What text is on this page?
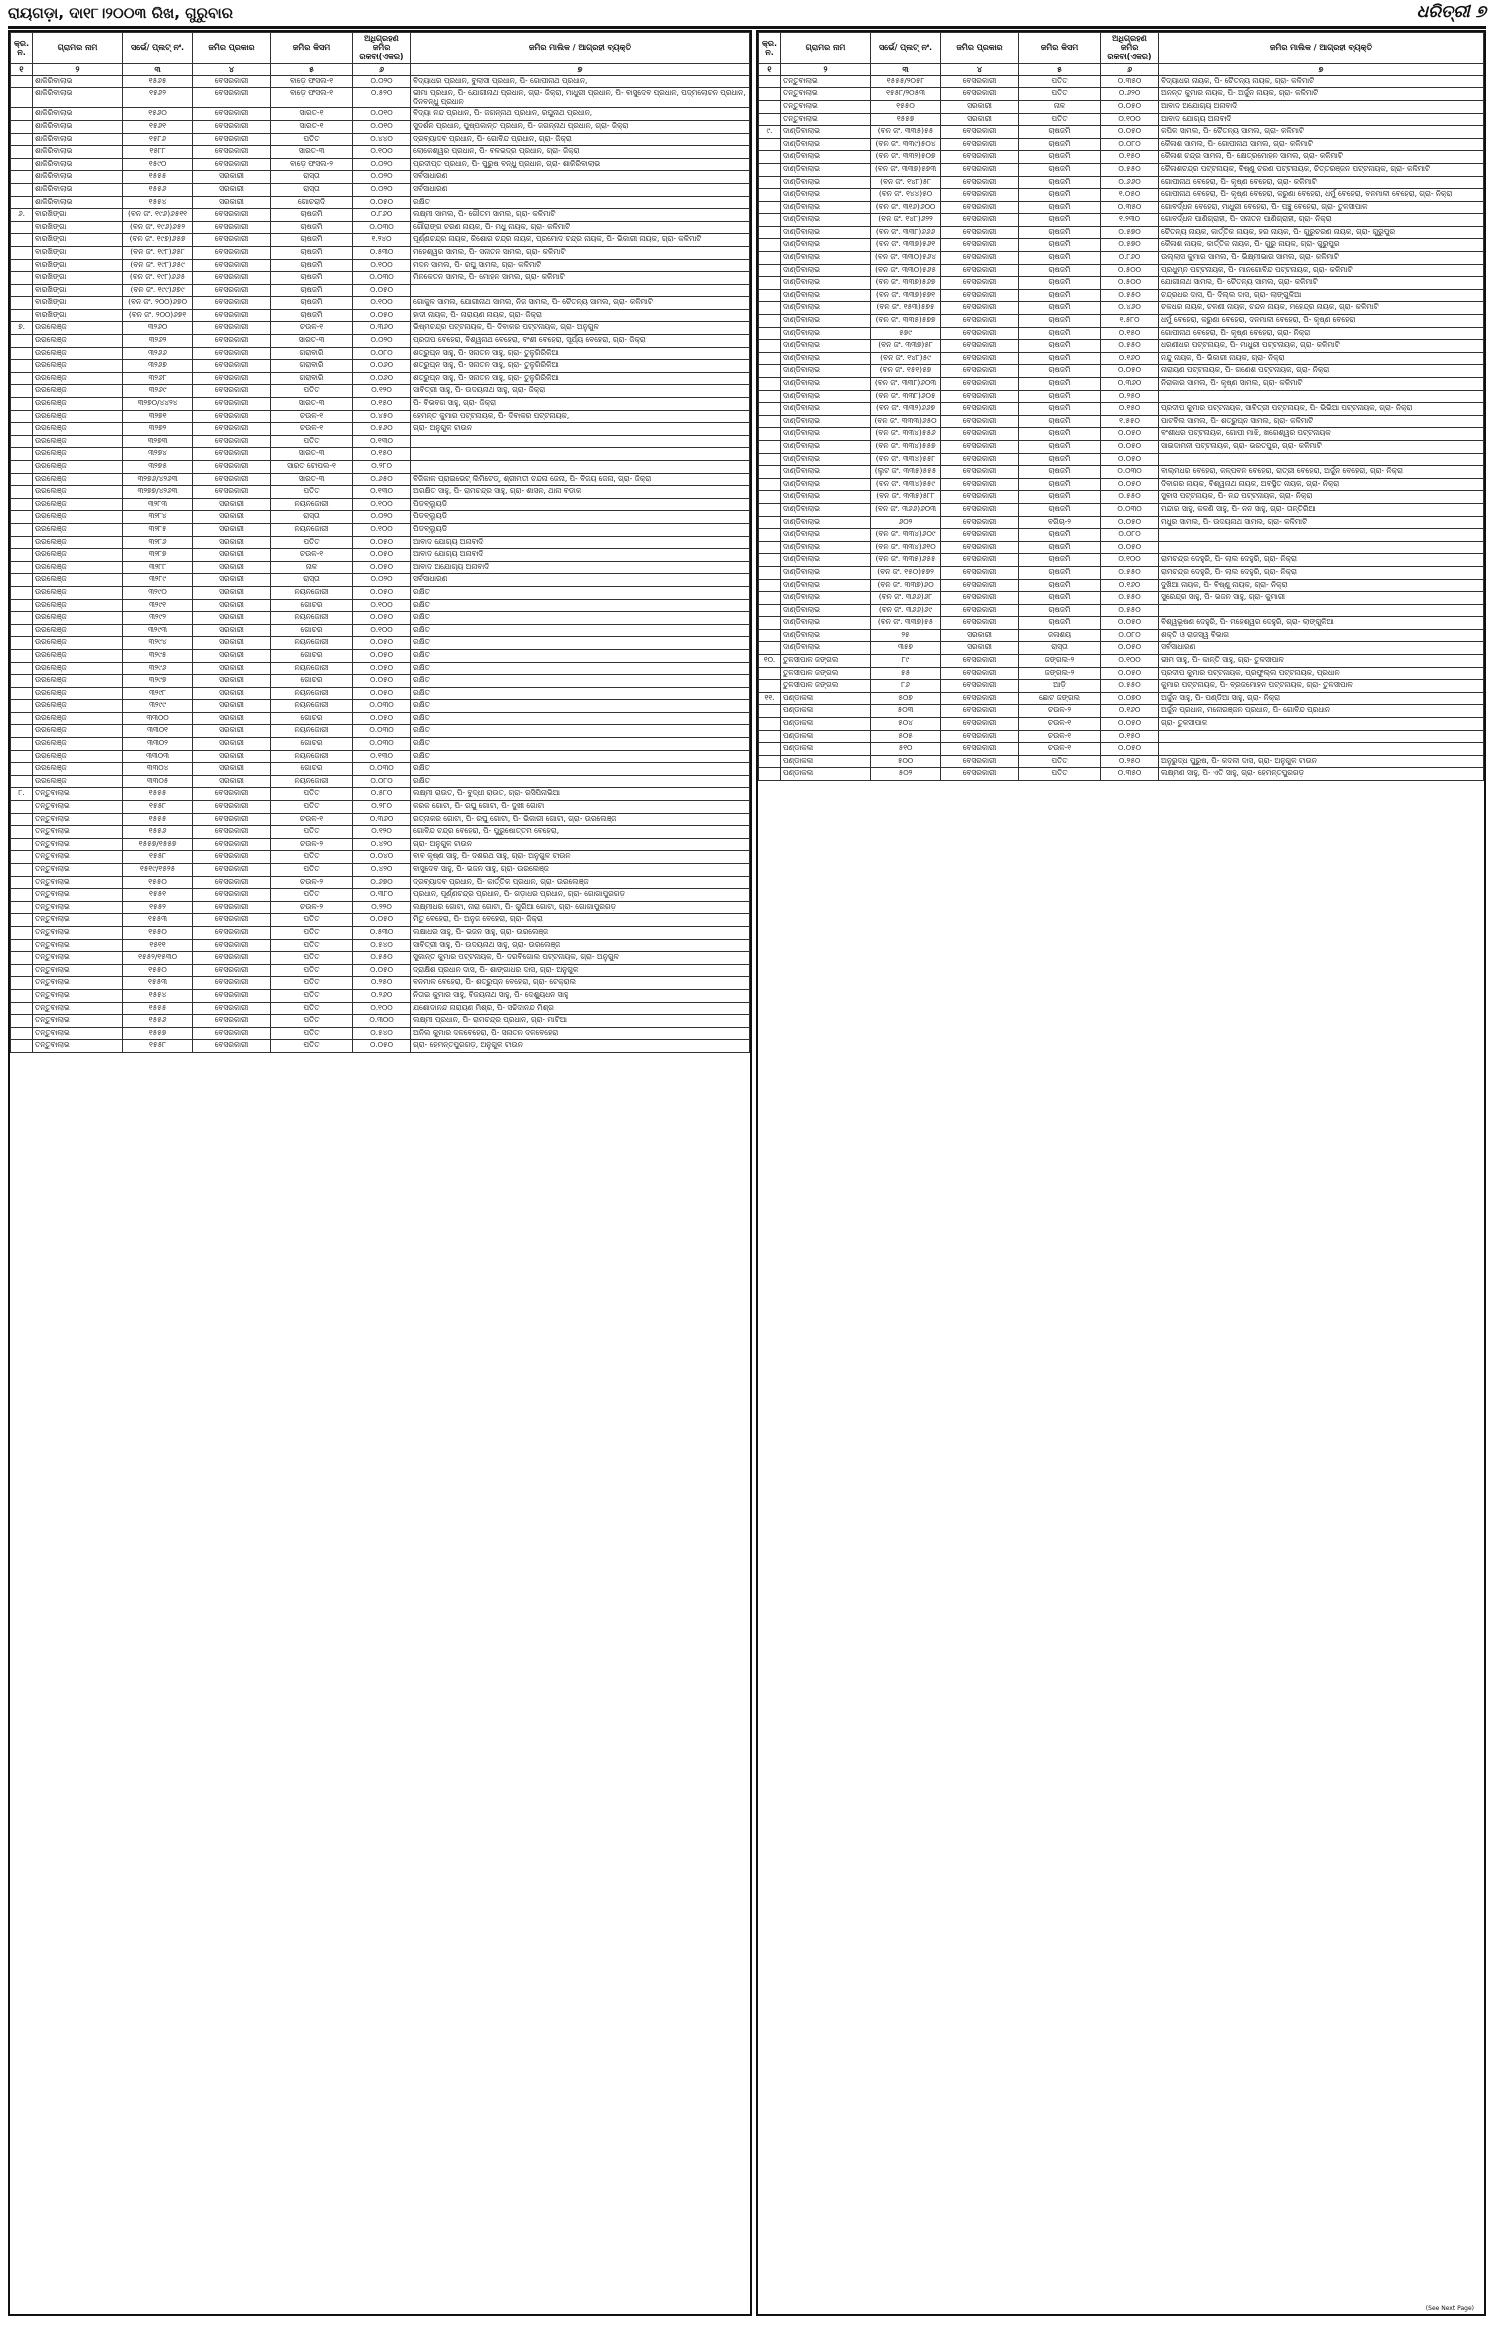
ରାୟଗଡ଼ା, ଦା୧୮।୨୦୦୩ ରିଖ, ଗୁରୁବାର	ଧରିତ୍ରୀ ୭
କ୍ର. ନ.	ଗ୍ରାମର ନାମ	ସର୍ଭେ/ ପ୍ଲଟ୍ ନଂ.	ଜମିର ପ୍ରକାର	ଜମିର କିସମ	ଅଧିଗ୍ରହଣ ଜମିର ରକବା(ଏକର)	ଜମିର ମାଲିକ / ଆଗ୍ରହୀ ବ୍ୟକ୍ତି
୧	୨	୩	୪	୫	୬	୭
	ଶାକିରିବାଲାଭ	୧୫୬୫	ବେସରକାରୀ	ବାଡ଼େ ଫସଲ-୧	୦.୦୨୦	ବିଦ୍ୟାଧର ପ୍ରଧାନ, ବୁଲାସୀ ପ୍ରଧାନ, ପି- ଗୋପୀନାଥ ପ୍ରଧାନ,
	ଶାକିରିବାଲାଭ	୧୫୬୨	ବେସରକାରୀ	ବାଡ଼େ ଫସଲ-୧	୦.୫୨୦	ଭୀମା ପ୍ରଧାନ, ପି- ଯୋଗୀନାଥ ପ୍ରଧାନ, ଗ୍ରା- ଜିକ୍ରା, ମାଧୁରୀ ପ୍ରଧାନ, ପି- ବାସୁଦେବ ପ୍ରଧାନ, ପଦ୍ମଲୋଚନ ପ୍ରଧାନ, ଦିନବନ୍ଧୁ ପ୍ରଧାନ
	ଶାକିରିବାଲାଭ	୧୫୬୦	ବେସରକାରୀ	ସାରତ-୧	୦.୦୧୦	ବିଦ୍ୟା ନନ୍ଦ ପ୍ରଧାନ, ପି- ଜଗନ୍ନାଥ ପ୍ରଧାନ, ରଘୁନାଥ ପ୍ରଧାନ,
	ଶାକିରିବାଲାଭ	୧୫୬୧	ବେସରକାରୀ	ସାରତ-୧	୦.୦୧୦	ସୁଦର୍ଶନ ପ୍ରଧାନ, ପୁଷ୍ପକାନ୍ତ ପ୍ରଧାନ, ପି- ଜଗନ୍ନାଥ ପ୍ରଧାନ, ଗ୍ରା- ଜିକ୍ରା
	ଶାକିରିବାଲାଭ	୧୫୮୬	ବେସରକାରୀ	ପତିତ	୦.୪୪୦	ଦ୍ରବ୍ୟାଦବ ପ୍ରଧାନ, ପି- ଗୋବିନ୍ଦ ପ୍ରଧାନ, ଗ୍ରା- ଜିକ୍ରା
	ଶାକିରିବାଲାଭ	୧୫୮୮	ବେସରକାରୀ	ସାରତ-୩	୦.୧୦୦	ଲୋକେଶ୍ୱର ପ୍ରଧାନ, ପି- ବଳଭଦ୍ର ପ୍ରଧାନ, ଗ୍ରା- ଜିକ୍ରା
	ଶାକିରିବାଲାଭ	୧୫୯୦	ବେସରକାରୀ	ବାଡ଼େ ଫସଲ-୨	୦.୦୨୦	ପ୍ରଦୀପ୍ତ ପ୍ରଧାନ, ପି- ପୁରୁଷ ବନ୍ଧୁ ପ୍ରଧାନ, ଗ୍ରା- ଶାକିରିବାଲାଭ
	ଶାକିରିବାଲାଭ	୧୫୫୫	ସରକାରୀ	ରାସ୍ତା	୦.୦୨୦	ସର୍ବସାଧାରଣ
	ଶାକିରିବାଲାଭ	୧୫୫୬	ସରକାରୀ	ରାସ୍ତା	୦.୦୨୦	ସର୍ବସାଧାରଣ
	ଶାକିରିବାଲାଭ	୧୫୫୪	ସରକାରୀ	ଗୋଚରାଦି	୦.୦୫୦	ରକ୍ଷିତ
୬.	ବାରଖିଙ୍ଗା	(ବନ ଜଂ. ୧୯୬)୬୫୧୧	ବେସରକାରୀ	ଚାଷଜମି	୦.୮୬୦	ଲକ୍ଷ୍ମୀ ସାମଲ, ପି- ଗୌତମ ସାମଲ, ଗ୍ରା- କଳିମାଟି
	ବାରଖିଙ୍ଗା	(ବନ ଜଂ. ୧୯୬)୬୫୨	ବେସରକାରୀ	ଚାଷଜମି	୦.୦୩୦	ଗୌରାଙ୍ଗ ଚରଣ ନାୟକ, ପି- ମଧୁ ନାୟକ, ଗ୍ରା- କଳିମାଟି
	ବାରଖିଙ୍ଗା	(ବନ ଜଂ. ୧୯୭)୬୫୭	ବେସରକାରୀ	ଚାଷଜମି	୧.୨୪୦	ପୂର୍ଣ୍ଣଚନ୍ଦ୍ର ନାୟକ, କିଶୋର ଚନ୍ଦ୍ର ନାୟକ, ପ୍ରମୋଦ ଚନ୍ଦ୍ର ନାୟକ, ପି- ଭିକାରୀ ନାୟକ, ଗ୍ରା- କଳିମାଟି
	ବାରଖିଙ୍ଗା	(ବନ ଜଂ. ୧୯୮)୬୫୮	ବେସରକାରୀ	ଚାଷଜମି	୦.୫୩୦	ମହେଶ୍ୱର ସାମଲ, ପି- ସନାତନ ସାମଲ, ଗ୍ରା- କଳିମାଟି
	ବାରଖିଙ୍ଗା	(ବନ ଜଂ. ୧୯୮)୬୫୯	ବେସରକାରୀ	ଚାଷଜମି	୦.୧୦୦	ମଦନ ସାମଲ, ପି- ରଘୁ ସାମଲ, ଗ୍ରା- କଳିମାଟି
	ବାରଖିଙ୍ଗା	(ବନ ଜଂ. ୧୯୮)୬୬୫	ବେସରକାରୀ	ଚାଷଜମି	୦.୦୩୦	ମିନକେତନ ସାମଲ, ପି- ମୋହନ ସାମଲ, ଗ୍ରା- କଳିମାଟି
	ବାରଖିଙ୍ଗା	(ବନ ଜଂ. ୧୯୯)୬୭୯	ବେସରକାରୀ	ଚାଷଜମି	୦.୦୫୦	
	ବାରଖିଙ୍ଗା	(ବନ ଜଂ. ୨୦୦)୬୭୦	ବେସରକାରୀ	ଚାଷଜମି	୦.୧୦୦	ଗୋକୁଳ ସାମଲ, ଯୋଗୀନାଥ ସାମଲ, ନିଜ ସାମଲ, ପି- ଚୈତନ୍ୟ ସାମଲ, ଗ୍ରା- କଳିମାଟି
	ବାରଖିଙ୍ଗା	(ବନ ଜଂ. ୨୦୦)୬୭୧	ବେସରକାରୀ	ଚାଷଜମି	୦.୦୫୦	ହାଦୀ ନାୟକ, ପି- ନାରାୟଣ ନାୟକ, ଗ୍ରା- ଜିକ୍ରା
୭.	ଉରଲେଞ୍ଜ	୩୨୬୦	ବେସରକାରୀ	ଚଉଳ-୧	୦.୩୬୦	ଭିଷ୍ମଚନ୍ଦ୍ର ପଟ୍ଟନାୟକ, ପି- ଦିବାକର ପଟ୍ଟନାୟକ, ଗ୍ରା- ଅନୁଗୁଳ
	ଉରଲେଞ୍ଜ	୩୨୬୨	ବେସରକାରୀ	ସାରତ-୩	୦.୦୨୦	ପ୍ରତାପ ବେହେରା, ବିଶ୍ୱନାଥ ବେହେରା, ବଂଶୀ ବେହେରା, ସୂର୍ଯ୍ୟ ବେହେରା, ଗ୍ରା- ଜିକ୍ରା
	ଉରଲେଞ୍ଜ	୩୨୬୬	ବେସରକାରୀ	ଗରାବାରି	୦.୦୮୦	ଶତ୍ରୁଘ୍ନ ସାହୁ, ପି- ସନାତନ ସାହୁ, ଗ୍ରା- ତୁଳୁଗିରିକିଆ
	ଉରଲେଞ୍ଜ	୩୨୬୭	ବେସରକାରୀ	ଗରାବାରି	୦.୦୬୦	ଶତ୍ରୁଘ୍ନ ସାହୁ, ପି- ସନାତନ ସାହୁ, ଗ୍ରା- ତୁଳୁଗିରିକିଆ
	ଉରଲେଞ୍ଜ	୩୨୬୮	ବେସରକାରୀ	ଗରାବାରି	୦.୦୬୦	ଶତ୍ରୁଘ୍ନ ସାହୁ, ପି- ସନାତନ ସାହୁ, ଗ୍ରା- ତୁଳୁଗିରିକିଆ
	ଉରଲେଞ୍ଜ	୩୨୬୯	ବେସରକାରୀ	ପତିତ	୦.୧୨୦	ସାବିତ୍ରୀ ସାହୁ, ପି- ଉଦୟନାଥ ସାହୁ, ଗ୍ରା- ଜିକ୍ରା
	ଉରଲେଞ୍ଜ	୩୨୭୦/୪୪୨୪	ବେସରକାରୀ	ସାରତ-୩	୦.୧୫୦	ପି- ବିଭବଗ ସାହୁ, ଗ୍ରା- ଜିକ୍ରା
	ଉରଲେଞ୍ଜ	୩୨୭୧	ବେସରକାରୀ	ଚଉଳ-୧	୦.୪୫୦	ହେମନ୍ତ କୁମାର ପଟ୍ଟନାୟକ, ପି- ଦିବାକର ପଟ୍ଟନାୟକ,
	ଉରଲେଞ୍ଜ	୩୨୭୨	ବେସରକାରୀ	ଚଉଳ-୧	୦.୫୬୦	ଗ୍ରା- ଅନୁଗୁଳ ଟାଉନ
	ଉରଲେଞ୍ଜ	୩୨୭୩	ବେସରକାରୀ	ପତିତ	୦.୧୩୦	
	ଉରଲେଞ୍ଜ	୩୨୭୪	ବେସରକାରୀ	ସାରତ-୩	୦.୧୫୦	
	ଉରଲେଞ୍ଜ	୩୨୭୫	ବେସରକାରୀ	ସାରତ ଟୋପଲ-୧	୦.୨୮୦	
	ଉରଲେଞ୍ଜ	୩୨୭୬/୪୨୬୩	ବେସରକାରୀ	ସାରତ-୩	୦.୬୫୦	ବିଜିକାଳ ପ୍ରାଇଭେଟ୍ ଲିମିଟେଡ୍, ଶ୍ରୀମତୀ ଚନ୍ଦନା ଜେନା, ପି- ବିଜୟ ଜେନା, ଗ୍ରା- ଜିକ୍ରା
	ଉରଲେଞ୍ଜ	୩୨୭୭/୪୨୬୩	ବେସରକାରୀ	ପତିତ	୦.୧୩୦	ଅରକ୍ଷିତ ସାହୁ, ପି- ରାମଚନ୍ଦ୍ର ସାହୁ, ଗ୍ରା- ଶାସନ, ଥାନା ବଡାକ
	ଉରଲେଞ୍ଜ	୩୨୮୩	ସରକାରୀ	ନୟନଜୋରୀ	୦.୧୦୦	ପିଡବ୍ଲ୍ୟୁଡି
	ଉରଲେଞ୍ଜ	୩୨୮୪	ସରକାରୀ	ରାସ୍ତା	୦.୦୨୦	ପିଡବ୍ଲ୍ୟୁଡି
	ଉରଲେଞ୍ଜ	୩୨୮୫	ସରକାରୀ	ନୟନଜୋରୀ	୦.୧୦୦	ପିଡବ୍ଲ୍ୟୁଡି
	ଉରଲେଞ୍ଜ	୩୨୮୬	ସରକାରୀ	ପତିତ	୦.୦୫୦	ଆବାଦ ଯୋଗ୍ୟ ଅନାବାଦି
	ଉରଲେଞ୍ଜ	୩୨୮୭	ସରକାରୀ	ଚଉଳ-୧	୦.୦୫୦	ଆବାଦ ଯୋଗ୍ୟ ଅନାବାଦି
	ଉରଲେଞ୍ଜ	୩୨୮୮	ସରକାରୀ	ନାଳ	୦.୦୫୦	ଆବାଦ ଅଯୋଗ୍ୟ ଅନାବାଦି
	ଉରଲେଞ୍ଜ	୩୨୮୯	ସରକାରୀ	ରାସ୍ତା	୦.୦୨୦	ସର୍ବସାଧାରଣ
	ଉରଲେଞ୍ଜ	୩୨୯୦	ସରକାରୀ	ନୟନଜୋରୀ	୦.୦୫୦	ରକ୍ଷିତ
	ଉରଲେଞ୍ଜ	୩୨୯୧	ସରକାରୀ	ଗୋଚର	୦.୧୦୦	ରକ୍ଷିତ
	ଉରଲେଞ୍ଜ	୩୨୯୨	ସରକାରୀ	ନୟନଜୋରୀ	୦.୦୫୦	ରକ୍ଷିତ
	ଉରଲେଞ୍ଜ	୩୨୯୩	ସରକାରୀ	ଗୋଚର	୦.୧୦୦	ରକ୍ଷିତ
	ଉରଲେଞ୍ଜ	୩୨୯୪	ସରକାରୀ	ନୟନଜୋରୀ	୦.୦୫୦	ରକ୍ଷିତ
	ଉରଲେଞ୍ଜ	୩୨୯୫	ସରକାରୀ	ଗୋଚର	୦.୦୫୦	ରକ୍ଷିତ
	ଉରଲେଞ୍ଜ	୩୨୯୬	ସରକାରୀ	ନୟନଜୋରୀ	୦.୦୫୦	ରକ୍ଷିତ
	ଉରଲେଞ୍ଜ	୩୨୯୭	ସରକାରୀ	ଗୋଚର	୦.୦୫୦	ରକ୍ଷିତ
	ଉରଲେଞ୍ଜ	୩୨୯୮	ସରକାରୀ	ନୟନଜୋରୀ	୦.୦୫୦	ରକ୍ଷିତ
	ଉରଲେଞ୍ଜ	୩୨୯୯	ସରକାରୀ	ନୟନଜୋରୀ	୦.୦୩୦	ରକ୍ଷିତ
	ଉରଲେଞ୍ଜ	୩୩୦୦	ସରକାରୀ	ଗୋଚର	୦.୦୫୦	ରକ୍ଷିତ
	ଉରଲେଞ୍ଜ	୩୩୦୧	ସରକାରୀ	ନୟନଜୋରୀ	୦.୦୩୦	ରକ୍ଷିତ
	ଉରଲେଞ୍ଜ	୩୩୦୨	ସରକାରୀ	ଗୋଚର	୦.୦୩୦	ରକ୍ଷିତ
	ଉରଲେଞ୍ଜ	୩୩୦୩	ସରକାରୀ	ନୟନଜୋରୀ	୦.୧୩୦	ରକ୍ଷିତ
	ଉରଲେଞ୍ଜ	୩୩୦୪	ସରକାରୀ	ଗୋଚର	୦.୦୩୦	ରକ୍ଷିତ
	ଉରଲେଞ୍ଜ	୩୩୦୫	ସରକାରୀ	ନୟନଜୋରୀ	୦.୦୮୦	ରକ୍ଷିତ
୮.	ତନ୍ତୁବାଲାଭ	୧୫୫୫	ବେସରକାରୀ	ପତିତ	୦.୫୮୦	ଲକ୍ଷ୍ମୀ ରାଉତ, ପି- ବୁଦ୍ଧୀ ରାଉତ, ଗ୍ରା- ରସିପିନାଭିଆ
	ତନ୍ତୁବାଲାଭ	୧୫୫୮	ବେସରକାରୀ	ପତିତ	୦.୨୮୦	କରକ ଗୋଟା, ପି- ରଘୁ ଗୋଟା, ପି- ଦୁଖୀ ଗୋଟା
	ତନ୍ତୁବାଲାଭ	୧୫୫୫	ବେସରକାରୀ	ଚଉଳ-୧	୦.୩୬୦	ରତ୍ନାକର ଗୋଟା, ପି- ରଘୁ ଗୋଟା, ପି- ଭିକାରୀ ଗୋଟା, ଗ୍ରା- ଉରଲେଞ୍ଜ
	ତନ୍ତୁବାଲାଭ	୧୫୫୬	ବେସରକାରୀ	ପତିତ	୦.୧୨୦	ଗୋବିନ୍ଦ ଚନ୍ଦ୍ର ବେହେରା, ପି- ପୁରୁଷୋତ୍ତମ ବେହେରା,
	ତନ୍ତୁବାଲାଭ	୧୫୫୭/୧୫୫୭	ବେସରକାରୀ	ଚଉଳ-୨	୦.୪୨୦	ଗ୍ରା- ଅନୁଗୁଳ ଟାଉନ
	ତନ୍ତୁବାଲାଭ	୧୫୫୮	ବେସରକାରୀ	ପତିତ	୦.୦୪୦	ବାବ କୃଷ୍ଣ ସାହୁ, ପି- ଦଶରଥ ସାହୁ, ଗ୍ରା- ଅନୁଗୁଳ ଟାଉନ
	ତନ୍ତୁବାଲାଭ	୧୫୧୯/୧୫୨୫	ବେସରକାରୀ	ପତିତ	୦.୪୨୦	ବାସୁଦେବ ସାହୁ, ପି- ଭଜନ ସାହୁ, ଗ୍ରା- ଉରଲେଞ୍ଜ
	ତନ୍ତୁବାଲାଭ	୧୫୫୦	ବେସରକାରୀ	ଚଉଳ-୨	୦.୬୭୦	ଦ୍ରବ୍ୟାଦବ ପ୍ରଧାନ, ପି- କାର୍ତ୍ତିକ ପ୍ରଧାନ, ଗ୍ରା- ଉରଲେଞ୍ଜ
	ତନ୍ତୁବାଲାଭ	୧୫୫୧	ବେସରକାରୀ	ପତିତ	୦.୩୮୦	ପ୍ରଧାନ, ପୂର୍ଣ୍ଣଚନ୍ଦ୍ର ପ୍ରଧାନ, ପି- ଗଡ଼ାଧର ପ୍ରଧାନ, ଗ୍ରା- ଗୋଗାପୁରଗଡ଼
	ତନ୍ତୁବାଲାଭ	୧୫୫୨	ବେସରକାରୀ	ଚଉଳ-୨	୦.୨୨୦	ଲକ୍ଷ୍ମୀଧର ଗୋଟା, ନାରା ଗୋଟା, ପି- ଗୁରିଆ ଗୋଟା, ଗ୍ରା- ଗୋଗାପୁରଗଡ଼
	ତନ୍ତୁବାଲାଭ	୧୫୫୩	ବେସରକାରୀ	ପତିତ	୦.୦୫୦	ମିତୁ ବେହେରା, ପି- ଅନୁଜ ବେହେରା, ଗ୍ରା- ଜିକ୍ରା
	ତନ୍ତୁବାଲାଭ	୧୫୫୦	ବେସରକାରୀ	ପତିତ	୦.୫୩୦	ଲକ୍ଷାଧର ସାହୁ, ପି- ଭଜନ ସାହୁ, ଗ୍ରା- ଉରଲେଞ୍ଜ
	ତନ୍ତୁବାଲାଭ	୧୫୧୧	ବେସରକାରୀ	ପତିତ	୦.୫୪୦	ସାବିତ୍ରୀ ସାହୁ, ପି- ଉଦୟନାଥ ସାହୁ, ଗ୍ରା- ଉରଲେଞ୍ଜ
	ତନ୍ତୁବାଲାଭ	୧୫୫୨/୧୫୩୦	ବେସରକାରୀ	ପତିତ	୦.୫୫୦	ସୁକାନ୍ତ କୁମାର ପଟ୍ଟନାୟକ, ପି- ଦରବିଗୋଲ ପଟ୍ଟନାୟକ, ଗ୍ରା- ଅନୁଗୁଳ
	ତନ୍ତୁବାଲାଭ	୧୫୫୦	ବେସରକାରୀ	ପତିତ	୦.୦୫୦	ଦ୍ରାକ୍ଷିଶ ପ୍ରଧାନ ଦାସ, ପି- ଶାଙ୍ଗାଧର ଦାସ, ଗ୍ରା- ଅନୁଗୁଳ
	ତନ୍ତୁବାଲାଭ	୧୫୫୩	ବେସରକାରୀ	ପତିତ	୦.୨୫୦	ବନମାଳ ବେହେରା, ପି- ଶତ୍ରୁଘ୍ନ ବେହେରା, ଗ୍ରା- ଟେକ୍ରାଲ
	ତନ୍ତୁବାଲାଭ	୧୫୫୪	ବେସରକାରୀ	ପତିତ	୦.୨୬୦	ନିତାଇ କୁମାର ସାହୁ, ବିଜୟନାଥ ସାହୁ, ପି- ଦେଶ୍ୟୁଧନ ସାହୁ
	ତନ୍ତୁବାଲାଭ	୧୫୫୫	ବେସରକାରୀ	ପତିତ	୦.୧୦୦	ଯଶୋଦାନନ୍ଦ ନାରାୟଣ ମିଶ୍ର, ପି- ସଚ୍ଚିଦାନନ୍ଦ ମିଶ୍ର
	ତନ୍ତୁବାଲାଭ	୧୫୫୬	ବେସରକାରୀ	ପତିତ	୦.୩୦୦	ଲକ୍ଷ୍ମୀ ପ୍ରଧାନ, ପି- ରାମଚନ୍ଦ୍ର ପ୍ରଧାନ, ଗ୍ରା- ମାଟିଆ
	ତନ୍ତୁବାଲାଭ	୧୫୫୭	ବେସରକାରୀ	ପତିତ	୦.୫୪୦	ଅନିଲ କୁମାର ଦଳବେହେରା, ପି- ସନାତନ ଦଳବେହେରା
	ତନ୍ତୁବାଲାଭ	୧୫୫୮	ବେସରକାରୀ	ପତିତ	୦.୦୫୦	ଗ୍ରା- ହେମନ୍ତପୁରଗଡ଼, ଅନୁଗୁଳ ଟାଉନ
କ୍ର. ନ.	ଗ୍ରାମର ନାମ	ସର୍ଭେ/ ପ୍ଲଟ୍ ନଂ.	ଜମିର ପ୍ରକାର	ଜମିର କିସମ	ଅଧିଗ୍ରହଣ ଜମିର ରକବା(ଏକର)	ଜମିର ମାଲିକ / ଆଗ୍ରହୀ ବ୍ୟକ୍ତି
୧	୨	୩	୪	୫	୬	୭
	ତନ୍ତୁବାଲାଭ	୧୫୫୫/୨୦୫୮	ବେସରକାରୀ	ପତିତ	୦.୩୫୦	ବିଦ୍ୟାଧର ନାୟକ, ପି- ଚୈତନ୍ୟ ନାୟକ, ଗ୍ରା- କଳିମାଟି
	ତନ୍ତୁବାଲାଭ	୧୫୫୮/୨୦୫୩	ବେସରକାରୀ	ପତିତ	୦.୬୨୦	ଅନନ୍ତ କୁମାର ନାୟକ, ପି- ଅର୍ଜୁନ ନାୟକ, ଗ୍ରା- କଳିମାଟି
	ତନ୍ତୁବାଲାଭ	୧୫୫୦	ସରକାରୀ	ନାଳ	୦.୦୫୦	ଆବାଦ ଅଯୋଗ୍ୟ ଅନାବାଦି
	ତନ୍ତୁବାଲାଭ	୧୫୫୭	ସରକାରୀ	ପତିତ	୦.୧୦୦	ଆବାଦ ଯୋଗ୍ୟ ଅନାବାଦି
୯.	ଦାଣ୍ଡିବାଲାଭ	(ବନ ଜଂ. ୩୩୫)୫୫	ବେସରକାରୀ	ଚାଷଜମି	୦.୦୫୦	କପିଳ ସାମଲ, ପି- ଚୈତନ୍ୟ ସାମଲ, ଗ୍ରା- କଳିମାଟି
	ଦାଣ୍ଡିବାଲାଭ	(ବନ ଜଂ. ୩୩୯)୫୦୪	ବେସରକାରୀ	ଚାଷଜମି	୦.୦୮୦	କୈଳାଶ ସାମଲ, ପି- ଗୋପୀନାଥ ସାମଲ, ଗ୍ରା- କଳିମାଟି
	ଦାଣ୍ଡିବାଲାଭ	(ବନ ଜଂ. ୩୩୨)୫୦୭	ବେସରକାରୀ	ଚାଷଜମି	୦.୧୫୦	କୈଳାଶ ଚନ୍ଦ୍ର ସାମଲ, ପି- କ୍ଷେତ୍ରମୋହନ ସାମଲ, ଗ୍ରା- କଳିମାଟି
	ଦାଣ୍ଡିବାଲାଭ	(ବନ ଜଂ. ୩୩୭)୫୭୩	ବେସରକାରୀ	ଚାଷଜମି	୦.୫୫୦	କୈଳାଶଚନ୍ଦ୍ର ପଟ୍ଟନାୟକ, ବିଷ୍ଣୁ ଚରଣ ପଟ୍ଟନାୟକ, ଚିତ୍ତରଞ୍ଜନ ପଟ୍ଟନାୟକ, ଗ୍ରା- କଳିମାଟି
	ଦାଣ୍ଡିବାଲାଭ	(ବନ ଜଂ. ୧୪୮)୫୮	ବେସରକାରୀ	ଚାଷଜମି	୦.୬୬୦	ଗୋପୀନାଥ ବେହେରା, ପି- କୃଷ୍ଣ ବେହେରା, ଗ୍ରା- କଳିମାଟି
	ଦାଣ୍ଡିବାଲାଭ	(ବନ ଜଂ. ୧୪୪)୫୦	ବେସରକାରୀ	ଚାଷଜମି	୧.୦୫୦	ଗୋପୀନାଥ ବେହେରା, ପି- କୃଷ୍ଣ ବେହେରା, କରୁଣା ବେହେରା, ଧର୍ମୁ ବେହେରା, ବନମାଳୀ ବେହେରା, ଗ୍ରା- ନିକ୍ରା
	ଦାଣ୍ଡିବାଲାଭ	(ବନ ଜଂ. ୩୧୬)୬୦୦	ବେସରକାରୀ	ଚାଷଜମି	୦.୩୫୦	ଗୋବର୍ଦ୍ଧନ ବେହେରା, ମାଧୁରୀ ବେହେରା, ପି- ପଞ୍ଚୁ ବେହେରା, ଗ୍ରା- ତୁଳସୀପାଳ
	ଦାଣ୍ଡିବାଲାଭ	(ବନ ଜଂ. ୧୪୮)୬୨୨	ବେସରକାରୀ	ଚାଷଜମି	୧.୨୩୦	ଗୋବର୍ଦ୍ଧନ ପାଣିଗ୍ରାହୀ, ପି- ସନାତନ ପାଣିଗ୍ରାହୀ, ଗ୍ରା- ନିକ୍ରା
	ଦାଣ୍ଡିବାଲାଭ	(ବନ ଜଂ. ୩୩୮)୬୬୬	ବେସରକାରୀ	ଚାଷଜମି	୦.୫୭୦	ଚୈତନ୍ୟ ନାୟକ, କାର୍ତ୍ତିକ ନାୟକ, ହର ନାୟକ, ପି- ଗୁରୁଚରଣ ନାୟକ, ଗ୍ରା- ଗୁରୁପୁର
	ଦାଣ୍ଡିବାଲାଭ	(ବନ ଜଂ. ୩୩୭)୫୬୧	ବେସରକାରୀ	ଚାଷଜମି	୦.୫୭୦	କୈଳାଶ ନାୟକ, କାର୍ତ୍ତିକ ନାୟକ, ପି- ଗୁରୁ ନାୟକ, ଗ୍ରା- ଗୁରୁପୁର
	ଦାଣ୍ଡିବାଲାଭ	(ବନ ଜଂ. ୩୩୦)୫୬୪	ବେସରକାରୀ	ଚାଷଜମି	୦.୮୬୦	ଉଲ୍ଲାସ କୁମାର ସାମଲ, ପି- ଭିକ୍ଷ୍ମୀଭାର ସାମଲ, ଗ୍ରା- କଳିମାଟି
	ଦାଣ୍ଡିବାଲାଭ	(ବନ ଜଂ. ୩୩୦)୫୬୫	ବେସରକାରୀ	ଚାଷଜମି	୦.୫୦୦	ପ୍ରଧୁମ୍ନ ପଟ୍ଟନାୟକ, ପି- ମାନଗୋବିନ୍ଦ ପଟ୍ଟନାୟକ, ଗ୍ରା- କଳିମାଟି
	ଦାଣ୍ଡିବାଲାଭ	(ବନ ଜଂ. ୩୩୭)୫୬୭	ବେସରକାରୀ	ଚାଷଜମି	୦.୫୦୦	ଯୋଗୀନାଥ ସାମଲ, ପି- ଚୈତନ୍ୟ ସାମଲ, ଗ୍ରା- କଳିମାଟି
	ଦାଣ୍ଡିବାଲାଭ	(ବନ ଜଂ. ୩୩୭)୫୭୧	ବେସରକାରୀ	ଚାଷଜମି	୦.୫୫୦	ଚନ୍ଦ୍ରଧର ଦାସ, ପି- ଦିଲ୍ଲ ଦାସ, ଗ୍ରା- ଲାଙ୍ଗୁଳିଆ
	ଦାଣ୍ଡିବାଲାଭ	(ବନ ଜଂ. ୧୫୩)୫୭୫	ବେସରକାରୀ	ଚାଷଜମି	୦.୪୬୦	ଚକଧର ନାୟକ, ଚଳଣୀ ନାୟକ, ଚନ୍ଦନ ନାୟକ, ମହେନ୍ଦ୍ର ନାୟକ, ଗ୍ରା- କଳିମାଟି
	ଦାଣ୍ଡିବାଲାଭ	(ବନ ଜଂ. ୩୩୫)୫୭୭	ବେସରକାରୀ	ଚାଷଜମି	୧.୫୮୦	ଧର୍ମୁ ବେହେରା, କରୁଣା ବେହେରା, ଦନମାଳୀ ବେହେରା, ପି- କୃଷ୍ଣ ବେହେରା
	ଦାଣ୍ଡିବାଲାଭ	୫୭୯	ବେସରକାରୀ	ଚାଷଜମି	୦.୧୫୦	ଗୋପୀନାଥ ବେହେରା, ପି- କୃଷ୍ଣ ବେହେରା, ଗ୍ରା- ନିକ୍ରା
	ଦାଣ୍ଡିବାଲାଭ	(ବନ ଜଂ. ୩୩୭)୫୮	ବେସରକାରୀ	ଚାଷଜମି	୦.୫୫୦	ଧରଣୀଧର ପଟ୍ଟନାୟକ, ପି- ମାଧୁରୀ ପଟ୍ଟନାୟକ, ଗ୍ରା- କଳିମାଟି
	ଦାଣ୍ଡିବାଲାଭ	(ବନ ଜଂ. ୧୪୮)୫୯	ବେସରକାରୀ	ଚାଷଜମି	୦.୧୬୦	ନନ୍ଦୁ ନାୟକ, ପି- ଭିକାରୀ ନାୟକ, ଗ୍ରା- ନିକ୍ରା
	ଦାଣ୍ଡିବାଲାଭ	(ବନ ଜଂ. ୧୫୧)୫୭	ବେସରକାରୀ	ଚାଷଜମି	୦.୦୫୦	ନାରାୟଣ ପଟ୍ଟନାୟକ, ପି- ଗଣେଶ ପଟ୍ଟନାୟକ, ଗ୍ରା- ନିକ୍ରା
	ଦାଣ୍ଡିବାଲାଭ	(ବନ ଜଂ. ୩୩୮)୬୦୩	ବେସରକାରୀ	ଚାଷଜମି	୦.୩୬୦	ନିରାକାର ସାମଲ, ପି- କୃଷ୍ଣ ସାମଲ, ଗ୍ରା- କଳିମାଟି
	ଦାଣ୍ଡିବାଲାଭ	(ବନ ଜଂ. ୩୩୮)୬୦୫	ବେସରକାରୀ	ଚାଷଜମି	୦.୨୫୦	
	ଦାଣ୍ଡିବାଲାଭ	(ବନ ଜଂ. ୩୩୨)୬୬୭	ବେସରକାରୀ	ଚାଷଜମି	୦.୧୫୦	ପ୍ରଦୀପ କୁମାର ପଟ୍ଟନାୟକ, ସାବିତ୍ରୀ ପଟ୍ଟନାୟକ, ପି- ଭିଭିଆ ପଟ୍ଟନାୟକ, ଗ୍ରା- ନିକ୍ରା
	ଦାଣ୍ଡିବାଲାଭ	(ବନ ଜଂ. ୩୩୩)୬୫୦	ବେସରକାରୀ	ଚାଷଜମି	୧.୫୫୦	ପାଟବିଲ ସାମଲ, ପି- ଶତ୍ରୁଘ୍ନ ସାମଲ, ଗ୍ରା- କଳିମାଟି
	ଦାଣ୍ଡିବାଲାଭ	(ବନ ଜଂ. ୩୩୪)୫୫୬	ବେସରକାରୀ	ଚାଷଜମି	୦.୦୫୦	ବଂଶୀଧର ପଟ୍ଟନାୟକ, ଗୋପୀ ମାଝି, ଖଗେଶ୍ୱର ପଟ୍ଟନାୟକ
	ଦାଣ୍ଡିବାଲାଭ	(ବନ ଜଂ. ୩୩୪)୫୫୭	ବେସରକାରୀ	ଚାଷଜମି	୦.୦୫୦	ସାଇଦାମନୀ ପଟ୍ଟନାୟକ, ଗ୍ରା- ଭରତପୁର, ଗ୍ରା- କଳିମାଟି
	ଦାଣ୍ଡିବାଲାଭ	(ବନ ଜଂ. ୩୩୪)୫୫୮	ବେସରକାରୀ	ଚାଷଜମି	୦.୦୫୦	
	ଦାଣ୍ଡିବାଲାଭ	(ଲୁଟ ଜଂ. ୩୩୫)୫୫୫	ବେସରକାରୀ	ଚାଷଜମି	୦.୦୩୦	ବାଲ୍ମଧର ବେହେରା, କଳ୍ପବନ ବେହେରା, ରାତ୍ରୀ ବେହେରା, ଅର୍ଜୁନ ବେହେରା, ଗ୍ରା- ନିକ୍ରା
	ଦାଣ୍ଡିବାଲାଭ	(ବନ ଜଂ. ୩୩୪)୫୫୯	ବେସରକାରୀ	ଚାଷଜମି	୦.୦୫୦	ଦିବାଗର ନାୟକ, ବିଶ୍ୱନାଥ ନାୟକ, ଅବସ୍ଥିତ ନାୟକ, ଗ୍ରା- ନିକ୍ରା
	ଦାଣ୍ଡିବାଲାଭ	(ବନ ଜଂ. ୩୩୫)୫୮୮	ବେସରକାରୀ	ଚାଷଜମି	୦.୫୫୦	ସୁବାସ ପଟ୍ଟନାୟକ, ପି- ନନ୍ଦ ପଟ୍ଟନାୟକ, ଗ୍ରା- ନିକ୍ରା
	ଦାଣ୍ଡିବାଲାଭ	(ବନ ଜଂ. ୩୬୬)୬୦୩	ବେସରକାରୀ	ଚାଷଜମି	୦.୦୩୦	ମନ୍ଦାର ସାହୁ, କଳଣି ସାହୁ, ପି- ନନ ସାହୁ, ଗ୍ରା- ତାନ୍ତିରିଆ
	ଦାଣ୍ଡିବାଲାଭ	୬୦୨	ବେସରକାରୀ	ବଗିଚା-୨	୦.୦୫୦	ମଧୁର ସାମଲ, ପି- ଉଦୟନାଥ ସାମଲ, ଗ୍ରା- କଳିମାଟି
	ଦାଣ୍ଡିବାଲାଭ	(ବନ ଜଂ. ୩୩୪)୬୦୯	ବେସରକାରୀ	ଚାଷଜମି	୦.୦୮୦	
	ଦାଣ୍ଡିବାଲାଭ	(ବନ ଜଂ. ୩୩୪)୬୧୦	ବେସରକାରୀ	ଚାଷଜମି	୦.୦୫୦	
	ଦାଣ୍ଡିବାଲାଭ	(ବନ ଜଂ. ୩୩୫)୬୫୫	ବେସରକାରୀ	ଚାଷଜମି	୦.୧୦୦	ରାମଚନ୍ଦ୍ର ଦେହୁରି, ପି- ଲାଲ ଦେହୁରି, ଗ୍ରା- ନିକ୍ରା
	ଦାଣ୍ଡିବାଲାଭ	(ବନ ଜଂ. ୧୫୦)୫୭୨	ବେସରକାରୀ	ଚାଷଜମି	୦.୫୫୦	ରାମଚନ୍ଦ୍ର ଦେହୁରି, ପି- ଲାଲ ଦେହୁରି, ଗ୍ରା- ନିକ୍ରା
	ଦାଣ୍ଡିବାଲାଭ	(ବନ ଜଂ. ୩୩୭)୬୦	ବେସରକାରୀ	ଚାଷଜମି	୦.୧୬୦	ଦୁଖିଆ ନାୟକ, ପି- ବିଷ୍ଣୁ ନାୟକ, ଗ୍ରା- ନିକ୍ରା
	ଦାଣ୍ଡିବାଲାଭ	(ବନ ଜଂ. ୩୬୬)୬୮	ବେସରକାରୀ	ଚାଷଜମି	୦.୫୫୦	ସୁରେନ୍ଦ୍ର ସାହୁ, ପି- ଭଜନ ସାହୁ, ଗ୍ରା- କୁମାରୀ
	ଦାଣ୍ଡିବାଲାଭ	(ବନ ଜଂ. ୩୬୬)୬୯	ବେସରକାରୀ	ଚାଷଜମି	୦.୫୫୦	
	ଦାଣ୍ଡିବାଲାଭ	(ବନ ଜଂ. ୩୩୭)୫୫	ବେସରକାରୀ	ଚାଷଜମି	୦.୦୫୦	ବିଶ୍ୱଭୂଷଣ ଦେହୁରି, ପି- ମହେଶ୍ୱର ଦେହୁରି, ଗ୍ରା- ଲାଙ୍ଗୁଳିଆ
	ଦାଣ୍ଡିବାଲାଭ	୨୫	ସରକାରୀ	ଜଳାଶୟ	୦.୦୮୦	ଶକ୍ତି ଓ ରାଜସ୍ୱ ବିଭାଗ
	ଦାଣ୍ଡିବାଲାଭ	୩୫୭	ସରକାରୀ	ରାସ୍ତା	୦.୦୫୦	ସର୍ବସାଧାରଣ
୧୦.	ତୁଳସୀପାଳ ଜଙ୍ଗଲ	୮୯	ବେସରକାରୀ	ଜଙ୍ଗଲ-୨	୦.୧୦୦	ଭୀମ ସାହୁ, ପି- କାନ୍ତି ସାହୁ, ଗ୍ରା- ତୁଳସୀପାଳ
	ତୁଳସୀପାଳ ଜଙ୍ଗଲ	୫୫	ବେସରକାରୀ	ଜଙ୍ଗଲ-୨	୦.୦୫୦	ପ୍ରଦୀପ କୁମାର ପଟ୍ଟନାୟକ, ପ୍ରଫୁଲ୍ଲ ପଟ୍ଟନାୟକ, ପ୍ରଧାନ
	ତୁଳସୀପାଳ ଜଙ୍ଗଲ	୮୬	ବେସରକାରୀ	ଆଡ଼ି	୦.୫୫୦	କୁମାର ପଟ୍ଟନାୟକ, ପି- ବ୍ରଜମୋହନ ପଟ୍ଟନାୟକ, ଗ୍ରା- ତୁଳସୀପାଳ
୧୧.	ପଣ୍ଡାକଳା	୫୦୭	ବେସରକାରୀ	ଛୋଟ ଜଙ୍ଗଲ	୦.୦୭୦	ଅର୍ଜୁନ ସାହୁ, ପି- ପଣ୍ଡିଆ ସାହୁ, ଗ୍ରା- ନିକ୍ରା
	ପଣ୍ଡାକଳା	୫୦୩	ବେସରକାରୀ	ଚଉଳ-୨	୦.୧୬୦	ଅର୍ଜୁନ ପ୍ରଧାନ, ମନୋରଞ୍ଜନ ପ୍ରଧାନ, ପି- ଗୋବିନ୍ଦ ପ୍ରଧାନ
	ପଣ୍ଡାକଳା	୫୦୪	ବେସରକାରୀ	ଚଉଳ-୧	୦.୦୫୦	ଗ୍ରା- ତୁଳସୀପାଳ
	ପଣ୍ଡାକଳା	୫୦୫	ବେସରକାରୀ	ଚଉଳ-୧	୦.୧୫୦	
	ପଣ୍ଡାକଳା	୫୧୦	ବେସରକାରୀ	ଚଉଳ-୧	୦.୦୫୦	
	ପଣ୍ଡାକଳା	୫୦୦	ବେସରକାରୀ	ପତିତ	୦.୨୫୦	ଅନୁରୁଦ୍ଧ ପୁରୁଷ, ପି- କଦଳୀ ଦାସ, ଗ୍ରା- ଅନୁଗୁଳ ଟାଉନ
	ପଣ୍ଡାକଳା	୫୦୨	ବେସରକାରୀ	ପତିତ	୦.୩୫୦	ଲକ୍ଷ୍ମଣ ସାହୁ, ପି- ଏତି ସାହୁ, ଗ୍ରା- ହେମନ୍ତପୁରଗଡ଼
(See Next Page)
